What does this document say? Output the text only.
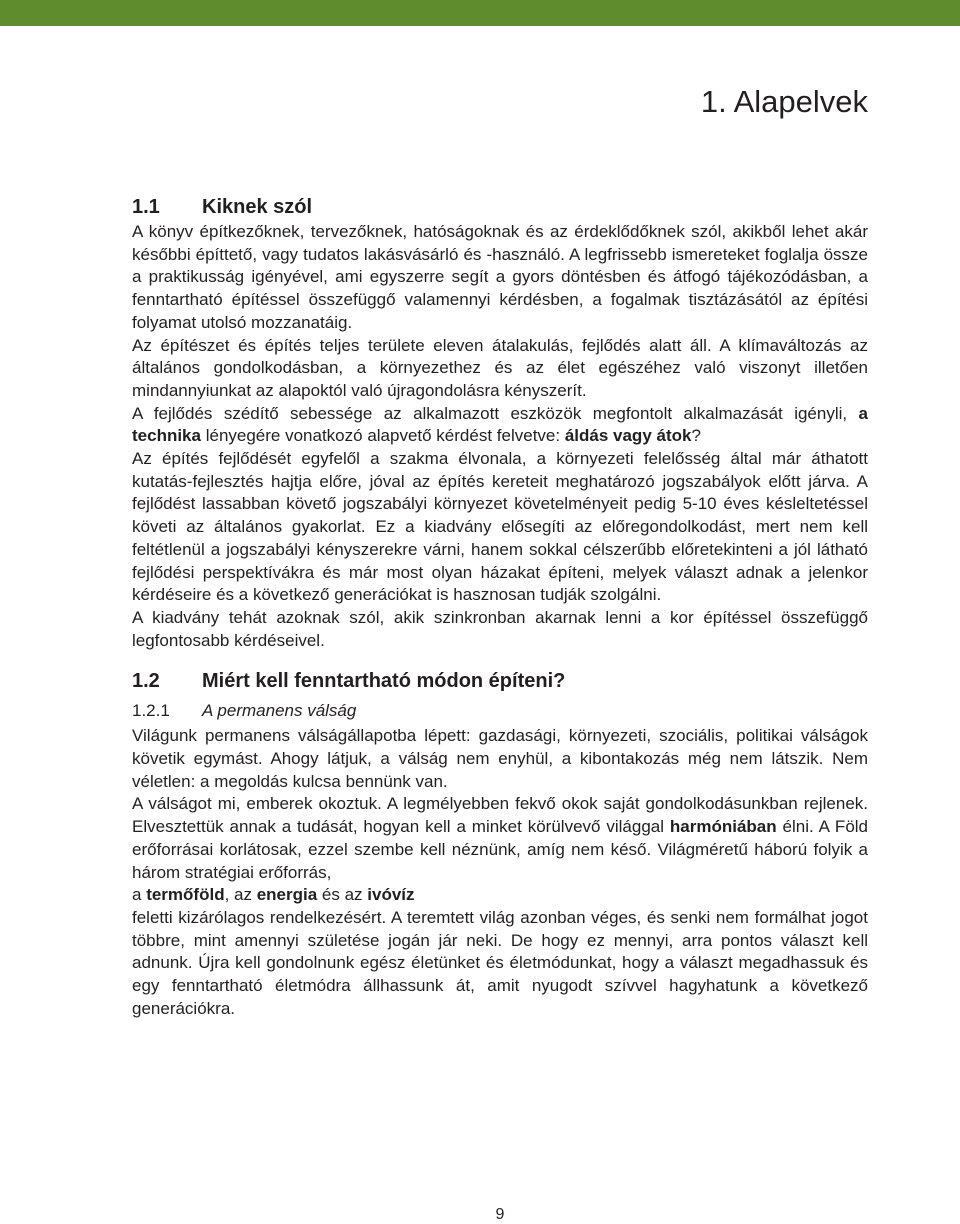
1. Alapelvek
1.1	Kiknek szól

A könyv építkezőknek, tervezőknek, hatóságoknak és az érdeklődőknek szól, akikből lehet akár későbbi építtető, vagy tudatos lakásvásárló és -használó. A legfrissebb ismereteket foglalja össze a praktikusság igényével, ami egyszerre segít a gyors döntésben és átfogó tájékozódásban, a fenntartható építéssel összefüggő valamennyi kérdésben, a fogalmak tisztázásától az építési folyamat utolsó mozzanatáig.

Az építészet és építés teljes területe eleven átalakulás, fejlődés alatt áll. A klímaváltozás az általános gondolkodásban, a környezethez és az élet egészéhez való viszonyt illetően mindannyiunkat az alapoktól való újragondolásra kényszerít.

A fejlődés szédítő sebessége az alkalmazott eszközök megfontolt alkalmazását igényli, a technika lényegére vonatkozó alapvető kérdést felvetve: áldás vagy átok?

Az építés fejlődését egyfelől a szakma élvonala, a környezeti felelősség által már áthatott kutatás-fejlesztés hajtja előre, jóval az építés kereteit meghatározó jogszabályok előtt járva. A fejlődést lassabban követő jogszabályi környezet követelményeit pedig 5-10 éves késleltetéssel követi az általános gyakorlat. Ez a kiadvány elősegíti az előregondolkodást, mert nem kell feltétlenül a jogszabályi kényszerekre várni, hanem sokkal célszerűbb előretekinteni a jól látható fejlődési perspektívákra és már most olyan házakat építeni, melyek választ adnak a jelenkor kérdéseire és a következő generációkat is hasznosan tudják szolgálni.

A kiadvány tehát azoknak szól, akik szinkronban akarnak lenni a kor építéssel összefüggő legfontosabb kérdéseivel.

1.2	Miért kell fenntartható módon építeni?
1.2.1	A permanens válság

Világunk permanens válságállapotba lépett: gazdasági, környezeti, szociális, politikai válságok követik egymást. Ahogy látjuk, a válság nem enyhül, a kibontakozás még nem látszik. Nem véletlen: a megoldás kulcsa bennünk van.

A válságot mi, emberek okoztuk. A legmélyebben fekvő okok saját gondolkodásunkban rejlenek. Elvesztettük annak a tudását, hogyan kell a minket körülvevő világgal harmóniában élni. A Föld erőforrásai korlátosak, ezzel szembe kell néznünk, amíg nem késő. Világméretű háború folyik a három stratégiai erőforrás,

a termőföld, az energia és az ivóvíz

feletti kizárólagos rendelkezésért. A teremtett világ azonban véges, és senki nem formálhat jogot többre, mint amennyi születése jogán jár neki. De hogy ez mennyi, arra pontos választ kell adnunk. Újra kell gondolnunk egész életünket és életmódunkat, hogy a választ megadhassuk és egy fenntartható életmódra állhassunk át, amit nyugodt szívvel hagyhatunk a következő generációkra.

9
